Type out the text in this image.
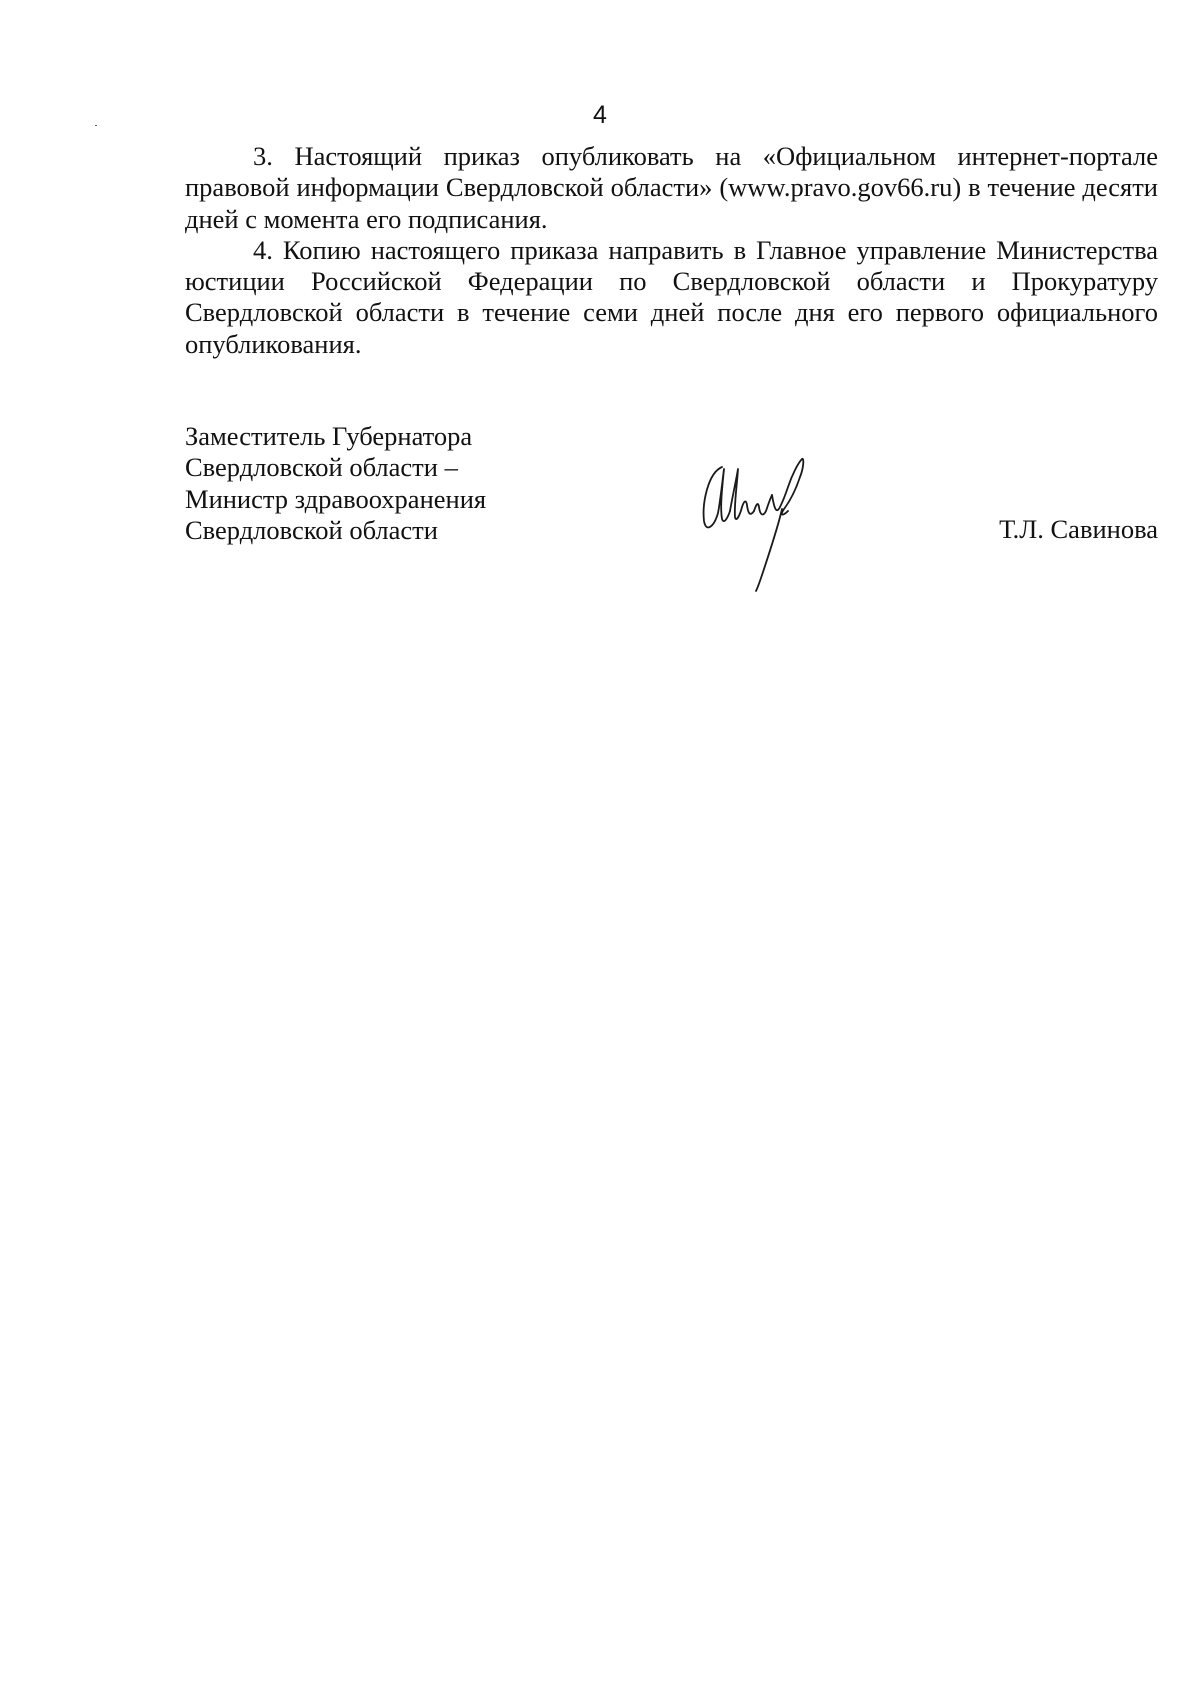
4

3. Настоящий приказ опубликовать на «Официальном интернет-портале правовой информации Свердловской области» (www.pravo.gov66.ru) в течение десяти дней с момента его подписания.

4. Копию настоящего приказа направить в Главное управление Министерства юстиции Российской Федерации по Свердловской области и Прокуратуру Свердловской области в течение семи дней после дня его первого официального опубликования.

Заместитель Губернатора
Свердловской области –
Министр здравоохранения
Свердловской области	Т.Л. Савинова
